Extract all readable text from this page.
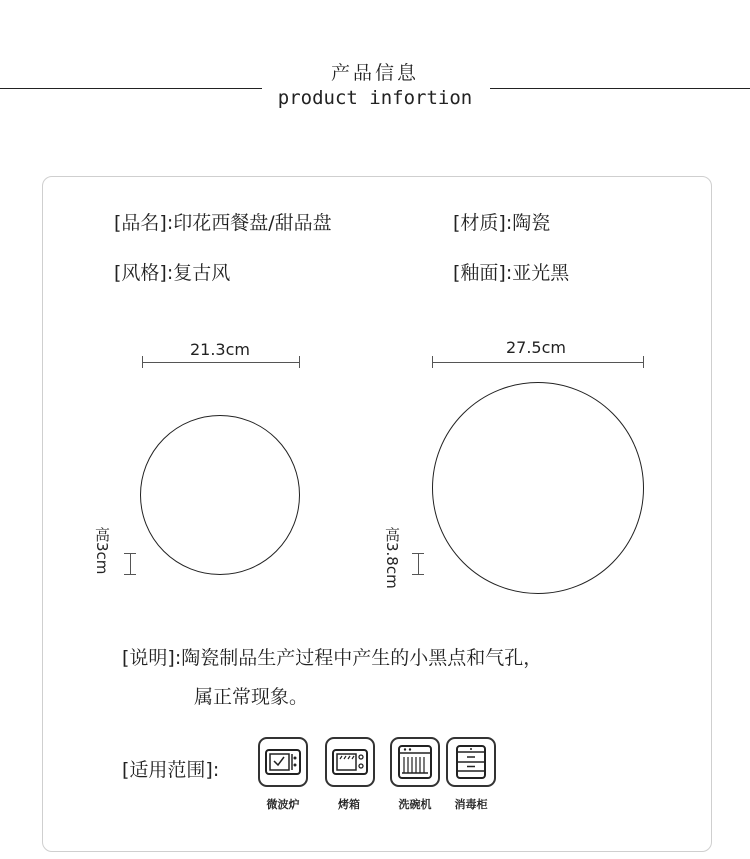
产品信息
product infortion
[品名]:印花西餐盘/甜品盘	[材质]:陶瓷
[风格]:复古风	[釉面]:亚光黑
21.3cm
高3cm
27.5cm
高3.8cm
[说明]:陶瓷制品生产过程中产生的小黑点和气孔，
属正常现象。
[适用范围]:
微波炉	烤箱	洗碗机	消毒柜
